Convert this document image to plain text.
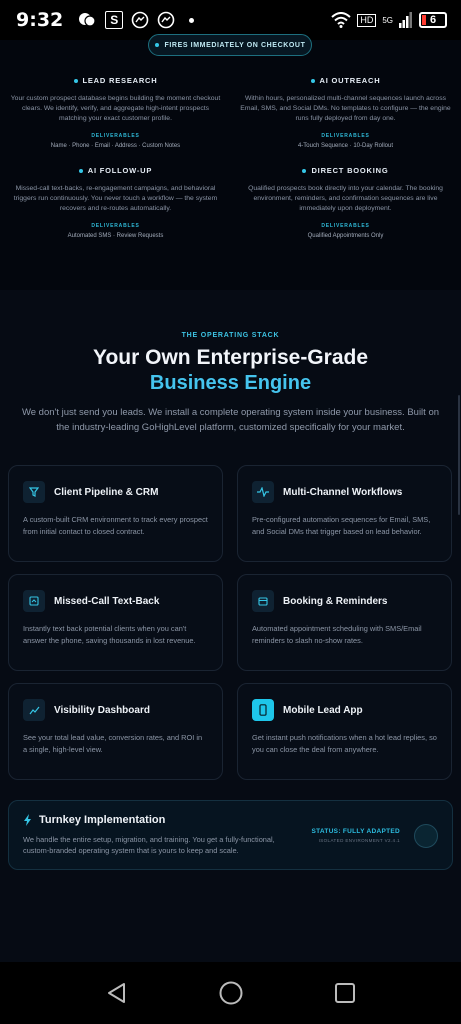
9:32	S	HD	5G	6
FIRES IMMEDIATELY ON CHECKOUT
LEAD RESEARCH

Your custom prospect database begins building the moment checkout clears. We identify, verify, and aggregate high-intent prospects matching your exact customer profile.

DELIVERABLES
Name · Phone · Email · Address · Custom Notes
AI OUTREACH

Within hours, personalized multi-channel sequences launch across Email, SMS, and Social DMs. No templates to configure — the engine runs fully deployed from day one.

DELIVERABLES
4-Touch Sequence · 10-Day Rollout
AI FOLLOW-UP

Missed-call text-backs, re-engagement campaigns, and behavioral triggers run continuously. You never touch a workflow — the system recovers and re-routes automatically.

DELIVERABLES
Automated SMS · Review Requests
DIRECT BOOKING

Qualified prospects book directly into your calendar. The booking environment, reminders, and confirmation sequences are live immediately upon deployment.

DELIVERABLES
Qualified Appointments Only
THE OPERATING STACK
Your Own Enterprise-Grade
Business Engine
We don't just send you leads. We install a complete operating system inside your business. Built on the industry-leading GoHighLevel platform, customized specifically for your market.
Client Pipeline & CRM
A custom-built CRM environment to track every prospect from initial contact to closed contract.
Multi-Channel Workflows
Pre-configured automation sequences for Email, SMS, and Social DMs that trigger based on lead behavior.
Missed-Call Text-Back
Instantly text back potential clients when you can't answer the phone, saving thousands in lost revenue.
Booking & Reminders
Automated appointment scheduling with SMS/Email reminders to slash no-show rates.
Visibility Dashboard
See your total lead value, conversion rates, and ROI in a single, high-level view.
Mobile Lead App
Get instant push notifications when a hot lead replies, so you can close the deal from anywhere.
Turnkey Implementation
We handle the entire setup, migration, and training. You get a fully-functional, custom-branded operating system that is yours to keep and scale.
STATUS: FULLY ADAPTED
ISOLATED ENVIRONMENT V2.4.1
